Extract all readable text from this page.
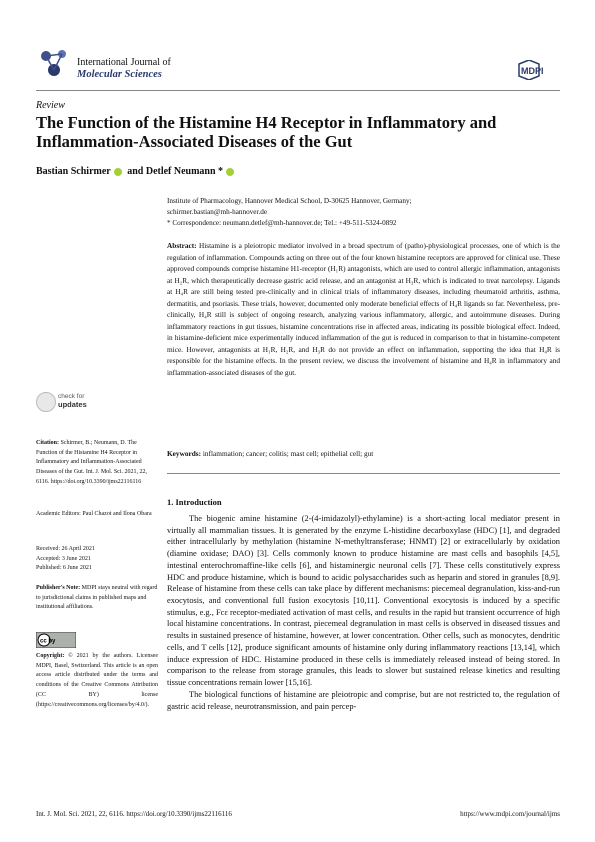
International Journal of
Molecular Sciences	MDPI
Review
The Function of the Histamine H4 Receptor in Inflammatory and Inflammation-Associated Diseases of the Gut
Bastian Schirmer and Detlef Neumann *
Institute of Pharmacology, Hannover Medical School, D-30625 Hannover, Germany;
schirmer.bastian@mh-hannover.de
* Correspondence: neumann.detlef@mh-hannover.de; Tel.: +49-511-5324-0892
Abstract: Histamine is a pleiotropic mediator involved in a broad spectrum of (patho)-physiological processes, one of which is the regulation of inflammation. Compounds acting on three out of the four known histamine receptors are approved for clinical use. These approved compounds comprise histamine H1-receptor (H₁R) antagonists, which are used to control allergic inflammation, antagonists at H₂R, which therapeutically decrease gastric acid release, and an antagonist at H₃R, which is indicated to treat narcolepsy. Ligands at H₄R are still being tested pre-clinically and in clinical trials of inflammatory diseases, including rheumatoid arthritis, asthma, dermatitis, and psoriasis. These trials, however, documented only moderate beneficial effects of H₄R ligands so far. Nevertheless, pre-clinically, H₄R still is subject of ongoing research, analyzing various inflammatory, allergic, and autoimmune diseases. During inflammatory reactions in gut tissues, histamine concentrations rise in affected areas, indicating its possible biological effect. Indeed, in histamine-deficient mice experimentally induced inflammation of the gut is reduced in comparison to that in histamine-competent mice. However, antagonists at H₁R, H₂R, and H₃R do not provide an effect on inflammation, supporting the idea that H₄R is responsible for the histamine effects. In the present review, we discuss the involvement of histamine and H₄R in inflammatory and inflammation-associated diseases of the gut.
Keywords: inflammation; cancer; colitis; mast cell; epithelial cell; gut
1. Introduction

The biogenic amine histamine (2-(4-imidazolyl)-ethylamine) is a short-acting local mediator present in virtually all mammalian tissues. It is generated by the enzyme L-histidine decarboxylase (HDC) [1], and degraded either intracellularly by methylation (histamine N-methyltransferase; HNMT) [2] or extracellularly by oxidation (diamine oxidase; DAO) [3]. Cells commonly known to produce histamine are mast cells and basophils [4,5], intestinal enterochromaffine-like cells [6], and histaminergic neuronal cells [7]. These cells constitutively express HDC and produce histamine, which is bound to acidic polysaccharides such as heparin and stored in granules [8,9]. Release of histamine from these cells can take place by different mechanisms: piecemeal degranulation, kiss-and-run exocytosis, and conventional full fusion exocytosis [10,11]. Conventional exocytosis is induced by a specific stimulus, e.g., Fcε receptor-mediated activation of mast cells, and results in the rapid but transient occurrence of high local histamine concentrations. In contrast, piecemeal degranulation in mast cells is observed in diseased tissues and results in sustained presence of histamine, however, at lower concentration. Other cells, such as monocytes, dendritic cells, and T cells [12], produce significant amounts of histamine only during inflammatory reactions [13,14], which induce expression of HDC. Histamine produced in these cells is immediately released instead of being stored. In comparison to the release from storage granules, this leads to slower but sustained release kinetics and resulting tissue concentrations remain lower [15,16].

The biological functions of histamine are pleiotropic and comprise, but are not restricted to, the regulation of gastric acid release, neurotransmission, and pain percep-

check for
updates
Citation: Schirmer, B.; Neumann, D. The Function of the Histamine H4 Receptor in Inflammatory and Inflammation-Associated Diseases of the Gut. Int. J. Mol. Sci. 2021, 22, 6116. https://doi.org/10.3390/ijms22116116
Academic Editors: Paul Chazot and Ilona Obara
Received: 26 April 2021
Accepted: 3 June 2021
Published: 6 June 2021
Publisher's Note: MDPI stays neutral with regard to jurisdictional claims in published maps and institutional affiliations.
cc by
Copyright: © 2021 by the authors. Licensee MDPI, Basel, Switzerland. This article is an open access article distributed under the terms and conditions of the Creative Commons Attribution (CC BY) license (https://creativecommons.org/licenses/by/4.0/).
Int. J. Mol. Sci. 2021, 22, 6116. https://doi.org/10.3390/ijms22116116	https://www.mdpi.com/journal/ijms
